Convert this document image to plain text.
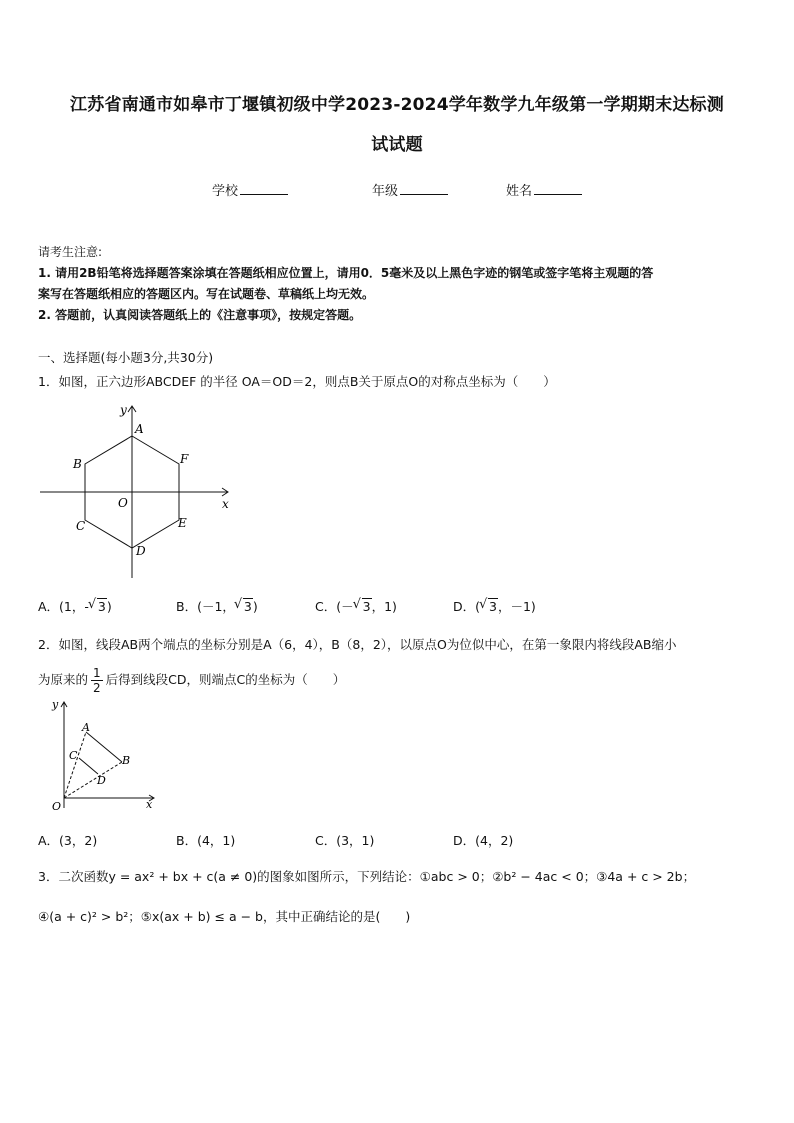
江苏省南通市如皋市丁堰镇初级中学2023-2024学年数学九年级第一学期期末达标测
试试题
学校	年级	姓名
请考生注意:
1. 请用2B铅笔将选择题答案涂填在答题纸相应位置上，请用0．5毫米及以上黑色字迹的钢笔或签字笔将主观题的答
案写在答题纸相应的答题区内。写在试题卷、草稿纸上均无效。
2. 答题前，认真阅读答题纸上的《注意事项》，按规定答题。
一、选择题(每小题3分,共30分)
1．如图，正六边形ABCDEF 的半径 OA＝OD＝2，则点B关于原点O的对称点坐标为（　　）
y
x
A
B
C
D
E
F
O
A．(1，- √ 3)	B．(－1， √ 3)	C．(－ √ 3，1)	D．( √ 3，－1)
2．如图，线段AB两个端点的坐标分别是A（6，4），B（8，2），以原点O为位似中心，在第一象限内将线段AB缩小
为原来的 $\frac{1}{2}$ 后得到线段CD，则端点C的坐标为（　　）
y
x
A
B
C
D
O
A．(3，2)	B．(4，1)	C．(3，1)	D．(4，2)
3．二次函数y = ax² + bx + c(a ≠ 0)的图象如图所示，下列结论：①abc > 0；②b² − 4ac < 0；③4a + c > 2b；
④(a + c)² > b²；⑤x(ax + b) ≤ a − b，其中正确结论的是(　　)
